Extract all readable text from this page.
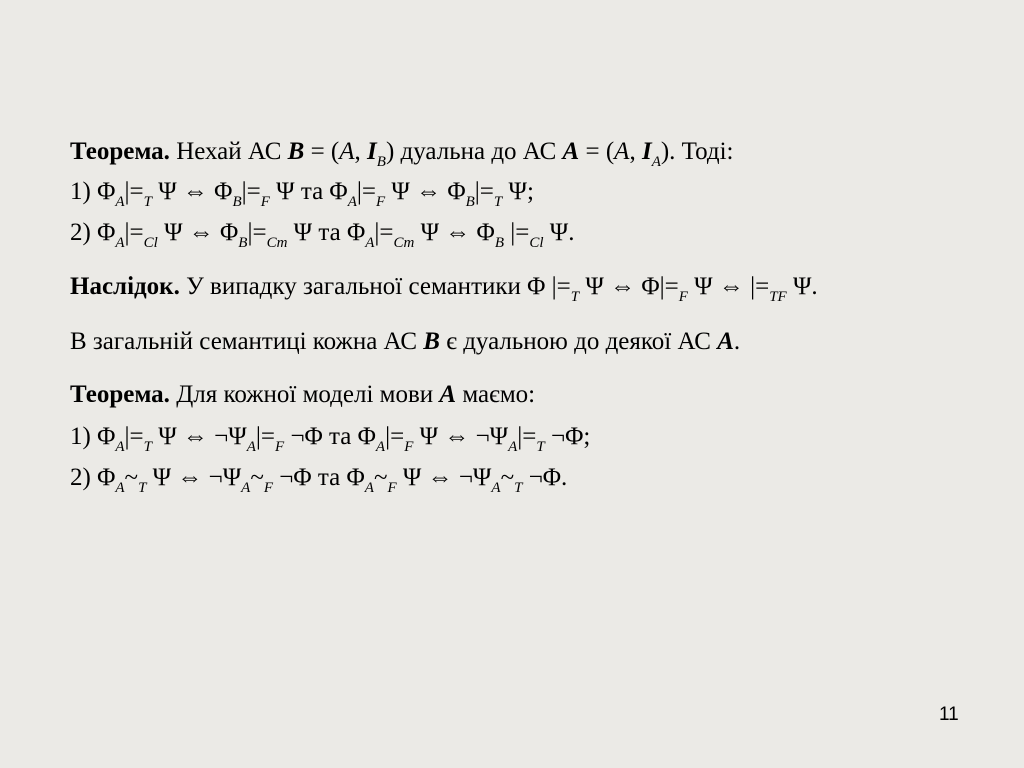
Теорема. Нехай АС B = (A, $I_B$) дуальна до АС A = (A, $I_A$). Тоді:
1) $\Phi_A|=_T$ Ψ ⇔ $\Phi_B|=_F$ Ψ та $\Phi_A|=_F$ Ψ ⇔ $\Phi_B|=_T$ Ψ;
2) $\Phi_A|=_{Cl}$ Ψ ⇔ $\Phi_B|=_{Cm}$ Ψ та $\Phi_A|=_{Cm}$ Ψ ⇔ $\Phi_B$ $|=_{Cl}$ Ψ.
Наслідок. У випадку загальної семантики Φ $|=_T$ Ψ ⇔ $\Phi|=_F$ Ψ ⇔ $|=_{TF}$ Ψ.
В загальній семантиці кожна АС B є дуальною до деякої АС A.
Теорема. Для кожної моделі мови A маємо:
1) $\Phi_A|=_T$ Ψ ⇔ $\neg\Psi_A|=_F$ ¬Φ та $\Phi_A|=_F$ Ψ ⇔ $\neg\Psi_A|=_T$ ¬Φ;
2) $\Phi_A\sim_T$ Ψ ⇔ $\neg\Psi_A\sim_F$ ¬Φ та $\Phi_A\sim_F$ Ψ ⇔ $\neg\Psi_A\sim_T$ ¬Φ.
11
